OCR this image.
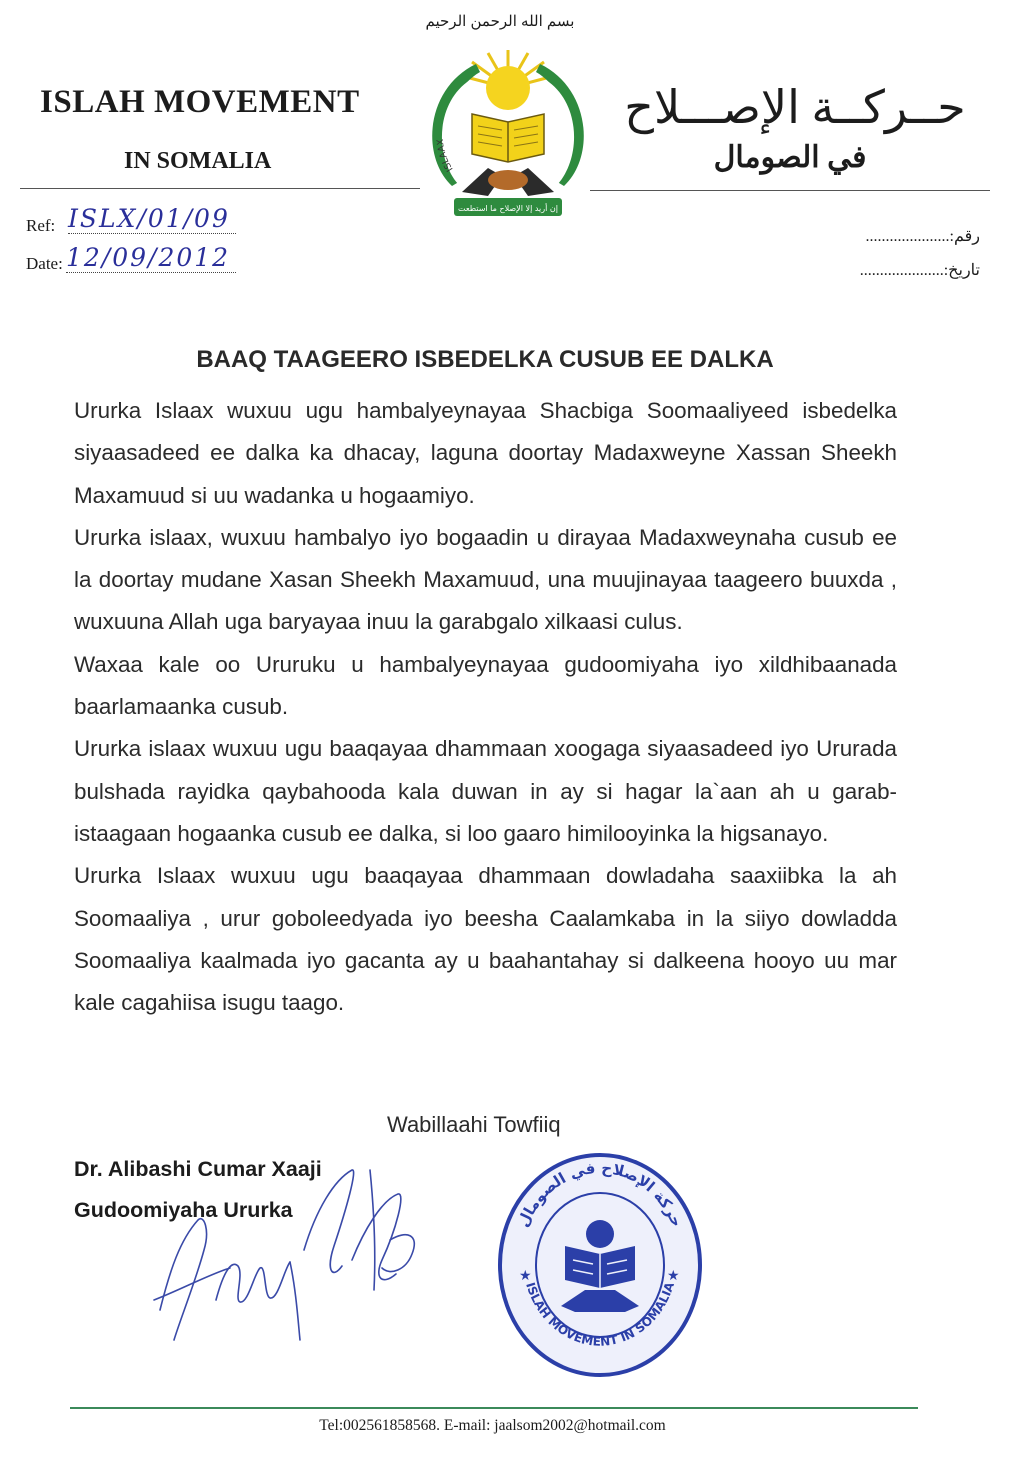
بسم الله الرحمن الرحيم
ISLAH MOVEMENT
IN SOMALIA
حــركــة الإصـــلاح
في الصومال
ISLAAX
إن أريد إلا الإصلاح ما استطعت
Ref: ISLX/01/09
Date: 12/09/2012
رقم:.....................
تاريخ:.....................
BAAQ TAAGEERO ISBEDELKA CUSUB EE DALKA

Ururka Islaax wuxuu ugu hambalyeynayaa Shacbiga Soomaaliyeed isbedelka siyaasadeed ee dalka ka dhacay, laguna doortay Madaxweyne Xassan Sheekh Maxamuud si uu wadanka u hogaamiyo.

Ururka islaax, wuxuu hambalyo iyo bogaadin u dirayaa Madaxweynaha cusub ee la doortay mudane Xasan Sheekh Maxamuud, una muujinayaa taageero buuxda , wuxuuna Allah uga baryayaa inuu la garabgalo xilkaasi culus.

Waxaa kale oo Ururuku u hambalyeynayaa gudoomiyaha iyo xildhibaanada baarlamaanka cusub.

Ururka islaax wuxuu ugu baaqayaa dhammaan xoogaga siyaasadeed iyo Ururada bulshada rayidka qaybahooda kala duwan in ay si hagar la`aan ah u garab-istaagaan hogaanka cusub ee dalka, si loo gaaro himilooyinka la higsanayo.

Ururka Islaax wuxuu ugu baaqayaa dhammaan dowladaha saaxiibka la ah Soomaaliya , urur goboleedyada iyo beesha Caalamkaba in la siiyo dowladda Soomaaliya kaalmada iyo gacanta ay u baahantahay si dalkeena hooyo uu mar kale cagahiisa isugu taago.

Wabillaahi Towfiiq
Dr. Alibashi Cumar Xaaji
Gudoomiyaha Ururka	حركة الإصلاح في الصومال
ISLAH MOVEMENT IN SOMALIA
★	★
Tel:002561858568. E-mail: jaalsom2002@hotmail.com
